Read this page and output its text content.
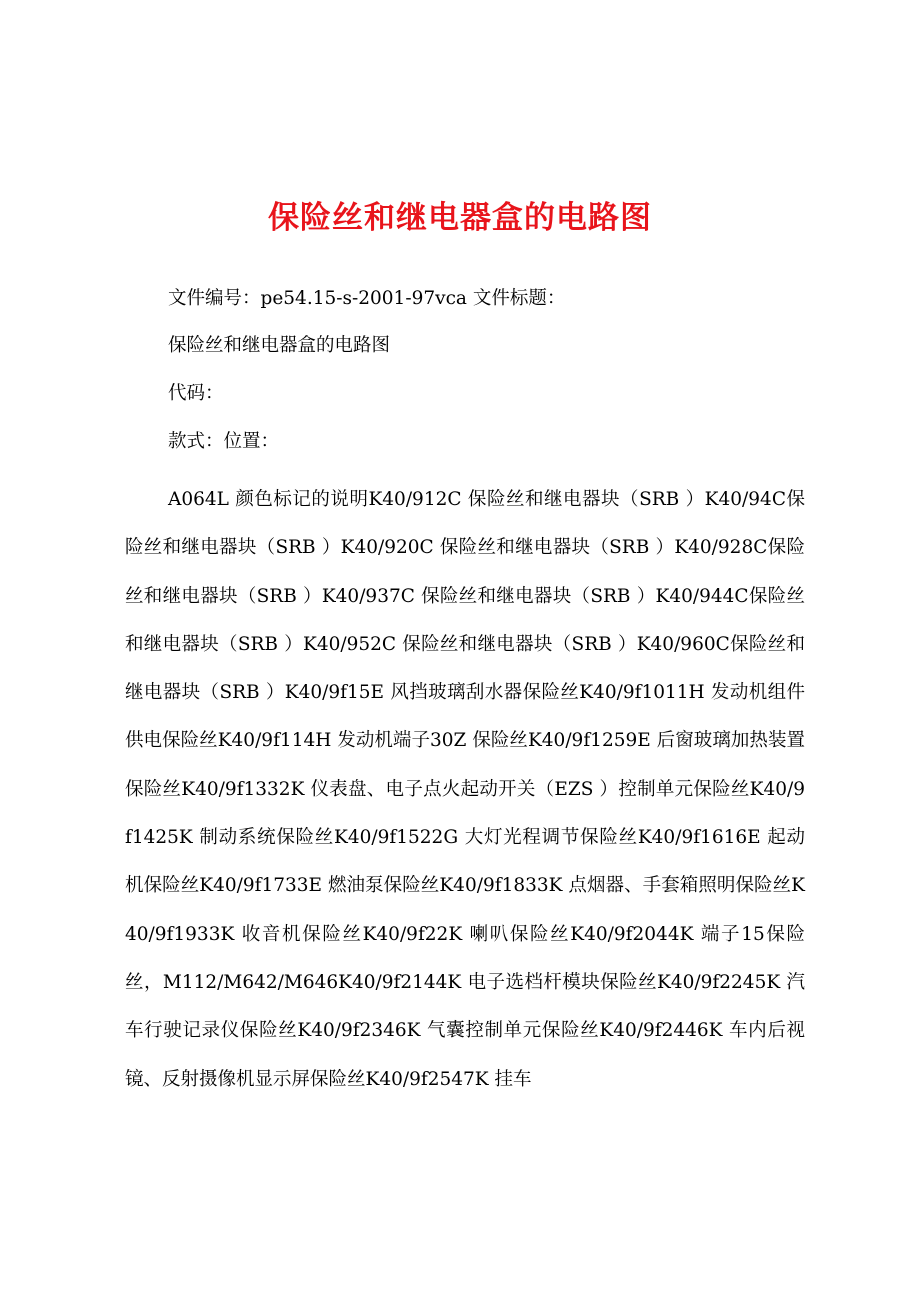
保险丝和继电器盒的电路图

文件编号：pe54.15-s-2001-97vca 文件标题：

保险丝和继电器盒的电路图

代码：

款式：位置：

A064L 颜色标记的说明K40/912C 保险丝和继电器块（SRB ）K40/94C保险丝和继电器块（SRB ）K40/920C 保险丝和继电器块（SRB ）K40/928C保险丝和继电器块（SRB ）K40/937C 保险丝和继电器块（SRB ）K40/944C保险丝和继电器块（SRB ）K40/952C 保险丝和继电器块（SRB ）K40/960C保险丝和继电器块（SRB ）K40/9f15E 风挡玻璃刮水器保险丝K40/9f1011H 发动机组件供电保险丝K40/9f114H 发动机端子30Z 保险丝K40/9f1259E 后窗玻璃加热装置保险丝K40/9f1332K 仪表盘、电子点火起动开关（EZS ）控制单元保险丝K40/9f1425K 制动系统保险丝K40/9f1522G 大灯光程调节保险丝K40/9f1616E 起动机保险丝K40/9f1733E 燃油泵保险丝K40/9f1833K 点烟器、手套箱照明保险丝K40/9f1933K 收音机保险丝K40/9f22K 喇叭保险丝K40/9f2044K 端子15保险丝，M112/M642/M646K40/9f2144K 电子选档杆模块保险丝K40/9f2245K 汽车行驶记录仪保险丝K40/9f2346K 气囊控制单元保险丝K40/9f2446K 车内后视镜、反射摄像机显示屏保险丝K40/9f2547K 挂车
